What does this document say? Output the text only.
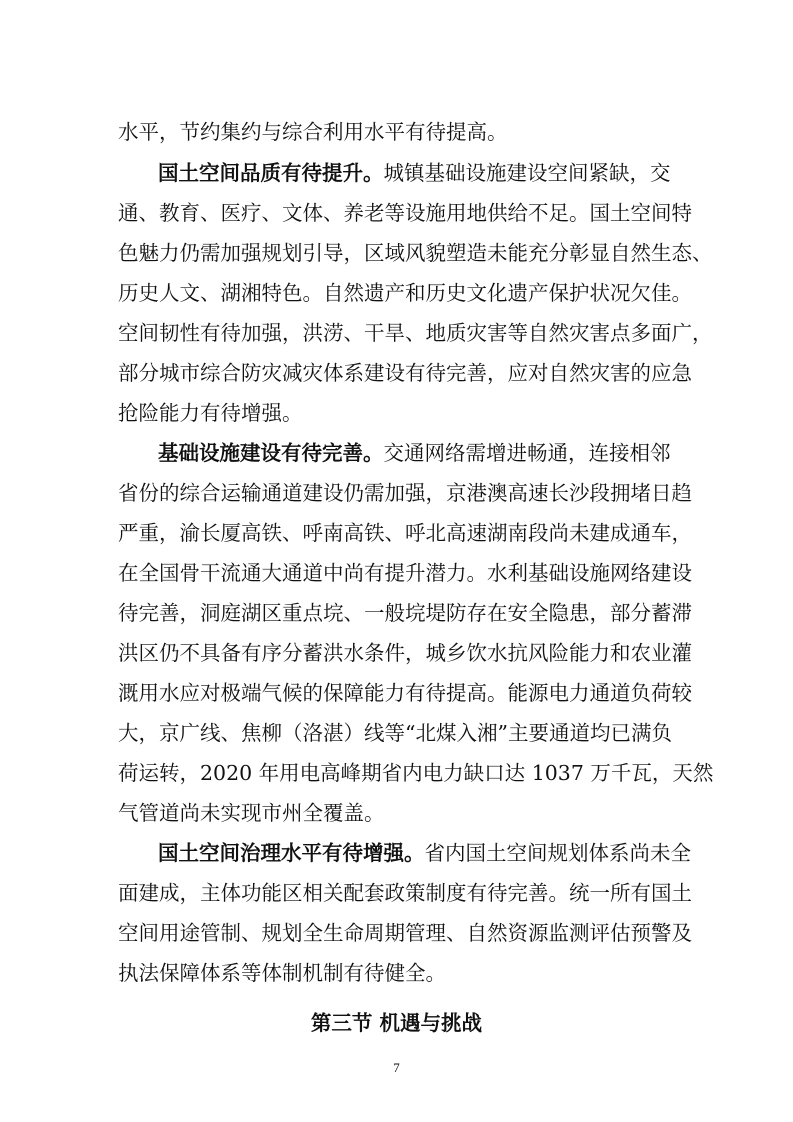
水平，节约集约与综合利用水平有待提高。
国土空间品质有待提升。城镇基础设施建设空间紧缺，交
通、教育、医疗、文体、养老等设施用地供给不足。国土空间特
色魅力仍需加强规划引导，区域风貌塑造未能充分彰显自然生态、
历史人文、湖湘特色。自然遗产和历史文化遗产保护状况欠佳。
空间韧性有待加强，洪涝、干旱、地质灾害等自然灾害点多面广，
部分城市综合防灾减灾体系建设有待完善，应对自然灾害的应急
抢险能力有待增强。
基础设施建设有待完善。交通网络需增进畅通，连接相邻
省份的综合运输通道建设仍需加强，京港澳高速长沙段拥堵日趋
严重，渝长厦高铁、呼南高铁、呼北高速湖南段尚未建成通车，
在全国骨干流通大通道中尚有提升潜力。水利基础设施网络建设
待完善，洞庭湖区重点垸、一般垸堤防存在安全隐患，部分蓄滞
洪区仍不具备有序分蓄洪水条件，城乡饮水抗风险能力和农业灌
溉用水应对极端气候的保障能力有待提高。能源电力通道负荷较
大，京广线、焦柳（洛湛）线等“北煤入湘”主要通道均已满负
荷运转，2020 年用电高峰期省内电力缺口达 1037 万千瓦，天然
气管道尚未实现市州全覆盖。
国土空间治理水平有待增强。省内国土空间规划体系尚未全
面建成，主体功能区相关配套政策制度有待完善。统一所有国土
空间用途管制、规划全生命周期管理、自然资源监测评估预警及
执法保障体系等体制机制有待健全。
第三节 机遇与挑战
7
